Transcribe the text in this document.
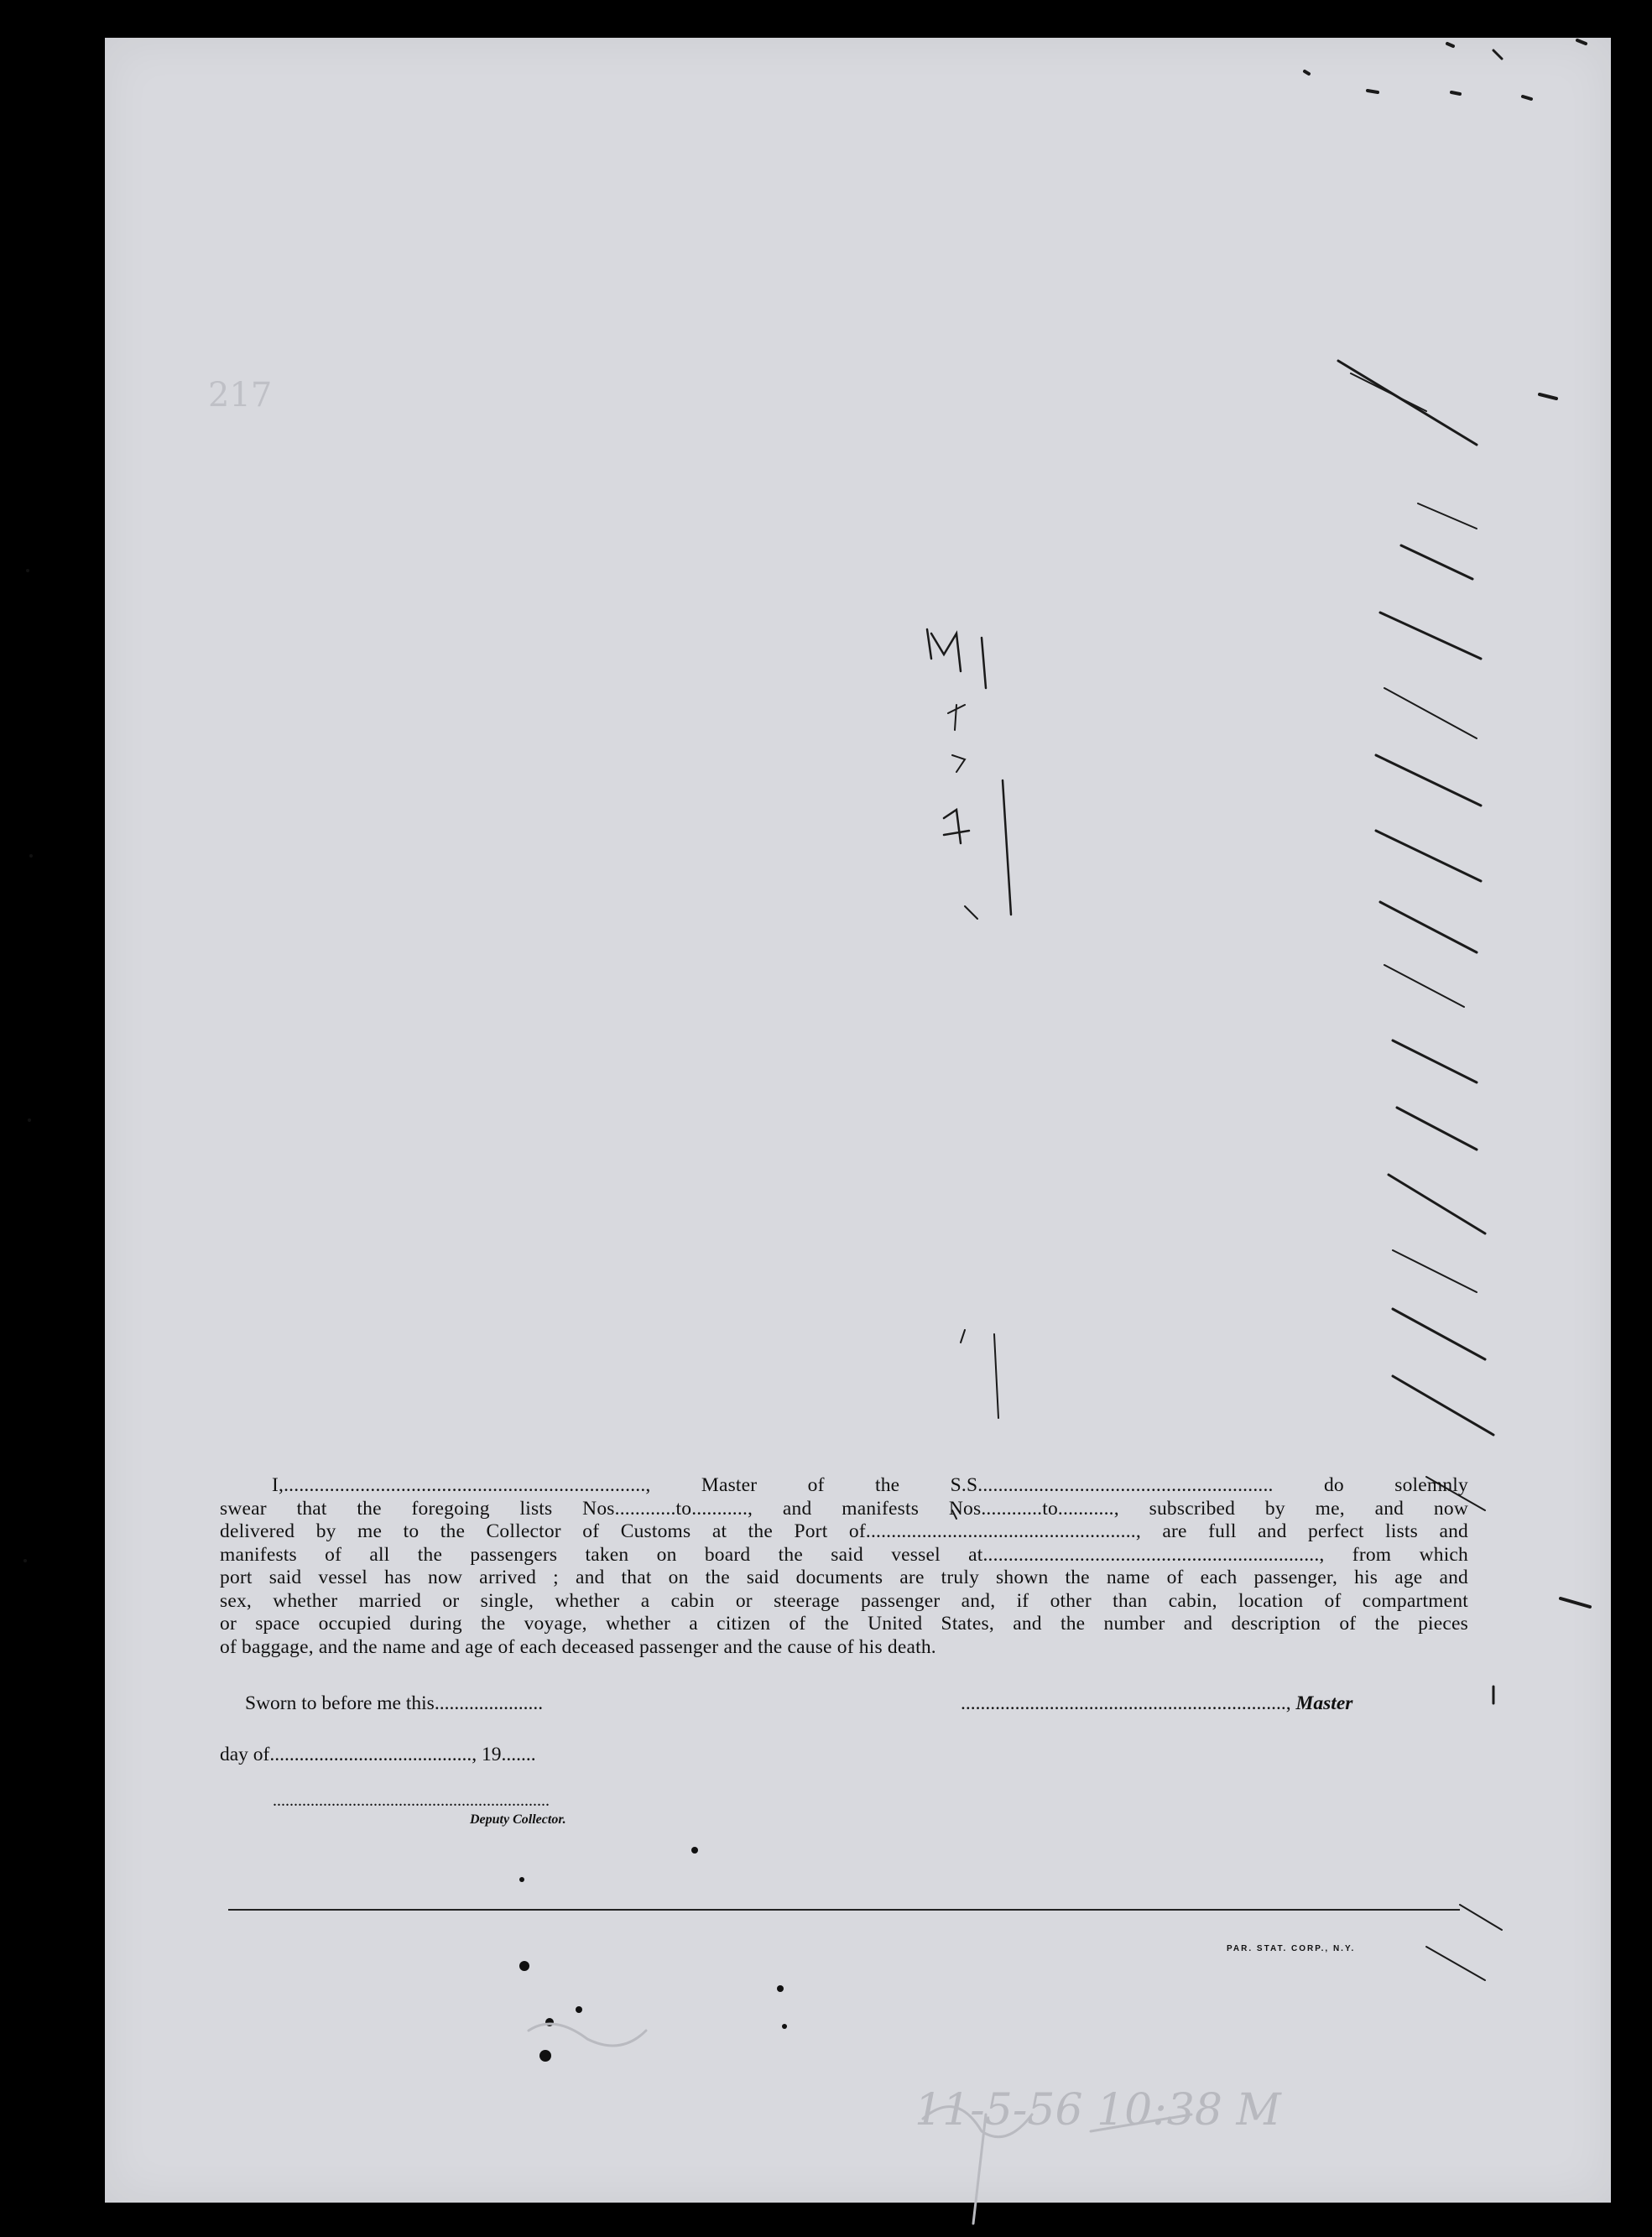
217
I,......................................................................., Master of the S.S.......................................................... do solemnly
swear that the foregoing lists Nos............to..........., and manifests Nos............to..........., subscribed by me, and now
delivered by me to the Collector of Customs at the Port of....................................................., are full and perfect lists and
manifests of all the passengers taken on board the said vessel at.................................................................., from which
port said vessel has now arrived ; and that on the said documents are truly shown the name of each passenger, his age and
sex, whether married or single, whether a cabin or steerage passenger and, if other than cabin, location of compartment
or space occupied during the voyage, whether a citizen of the United States, and the number and description of the pieces
of baggage, and the name and age of each deceased passenger and the cause of his death.
Sworn to before me this......................	.................................................................., Master
day of........................................., 19.......
..................................................................
Deputy Collector.
PAR. STAT. CORP., N.Y.
11-5-56 10:38 M
